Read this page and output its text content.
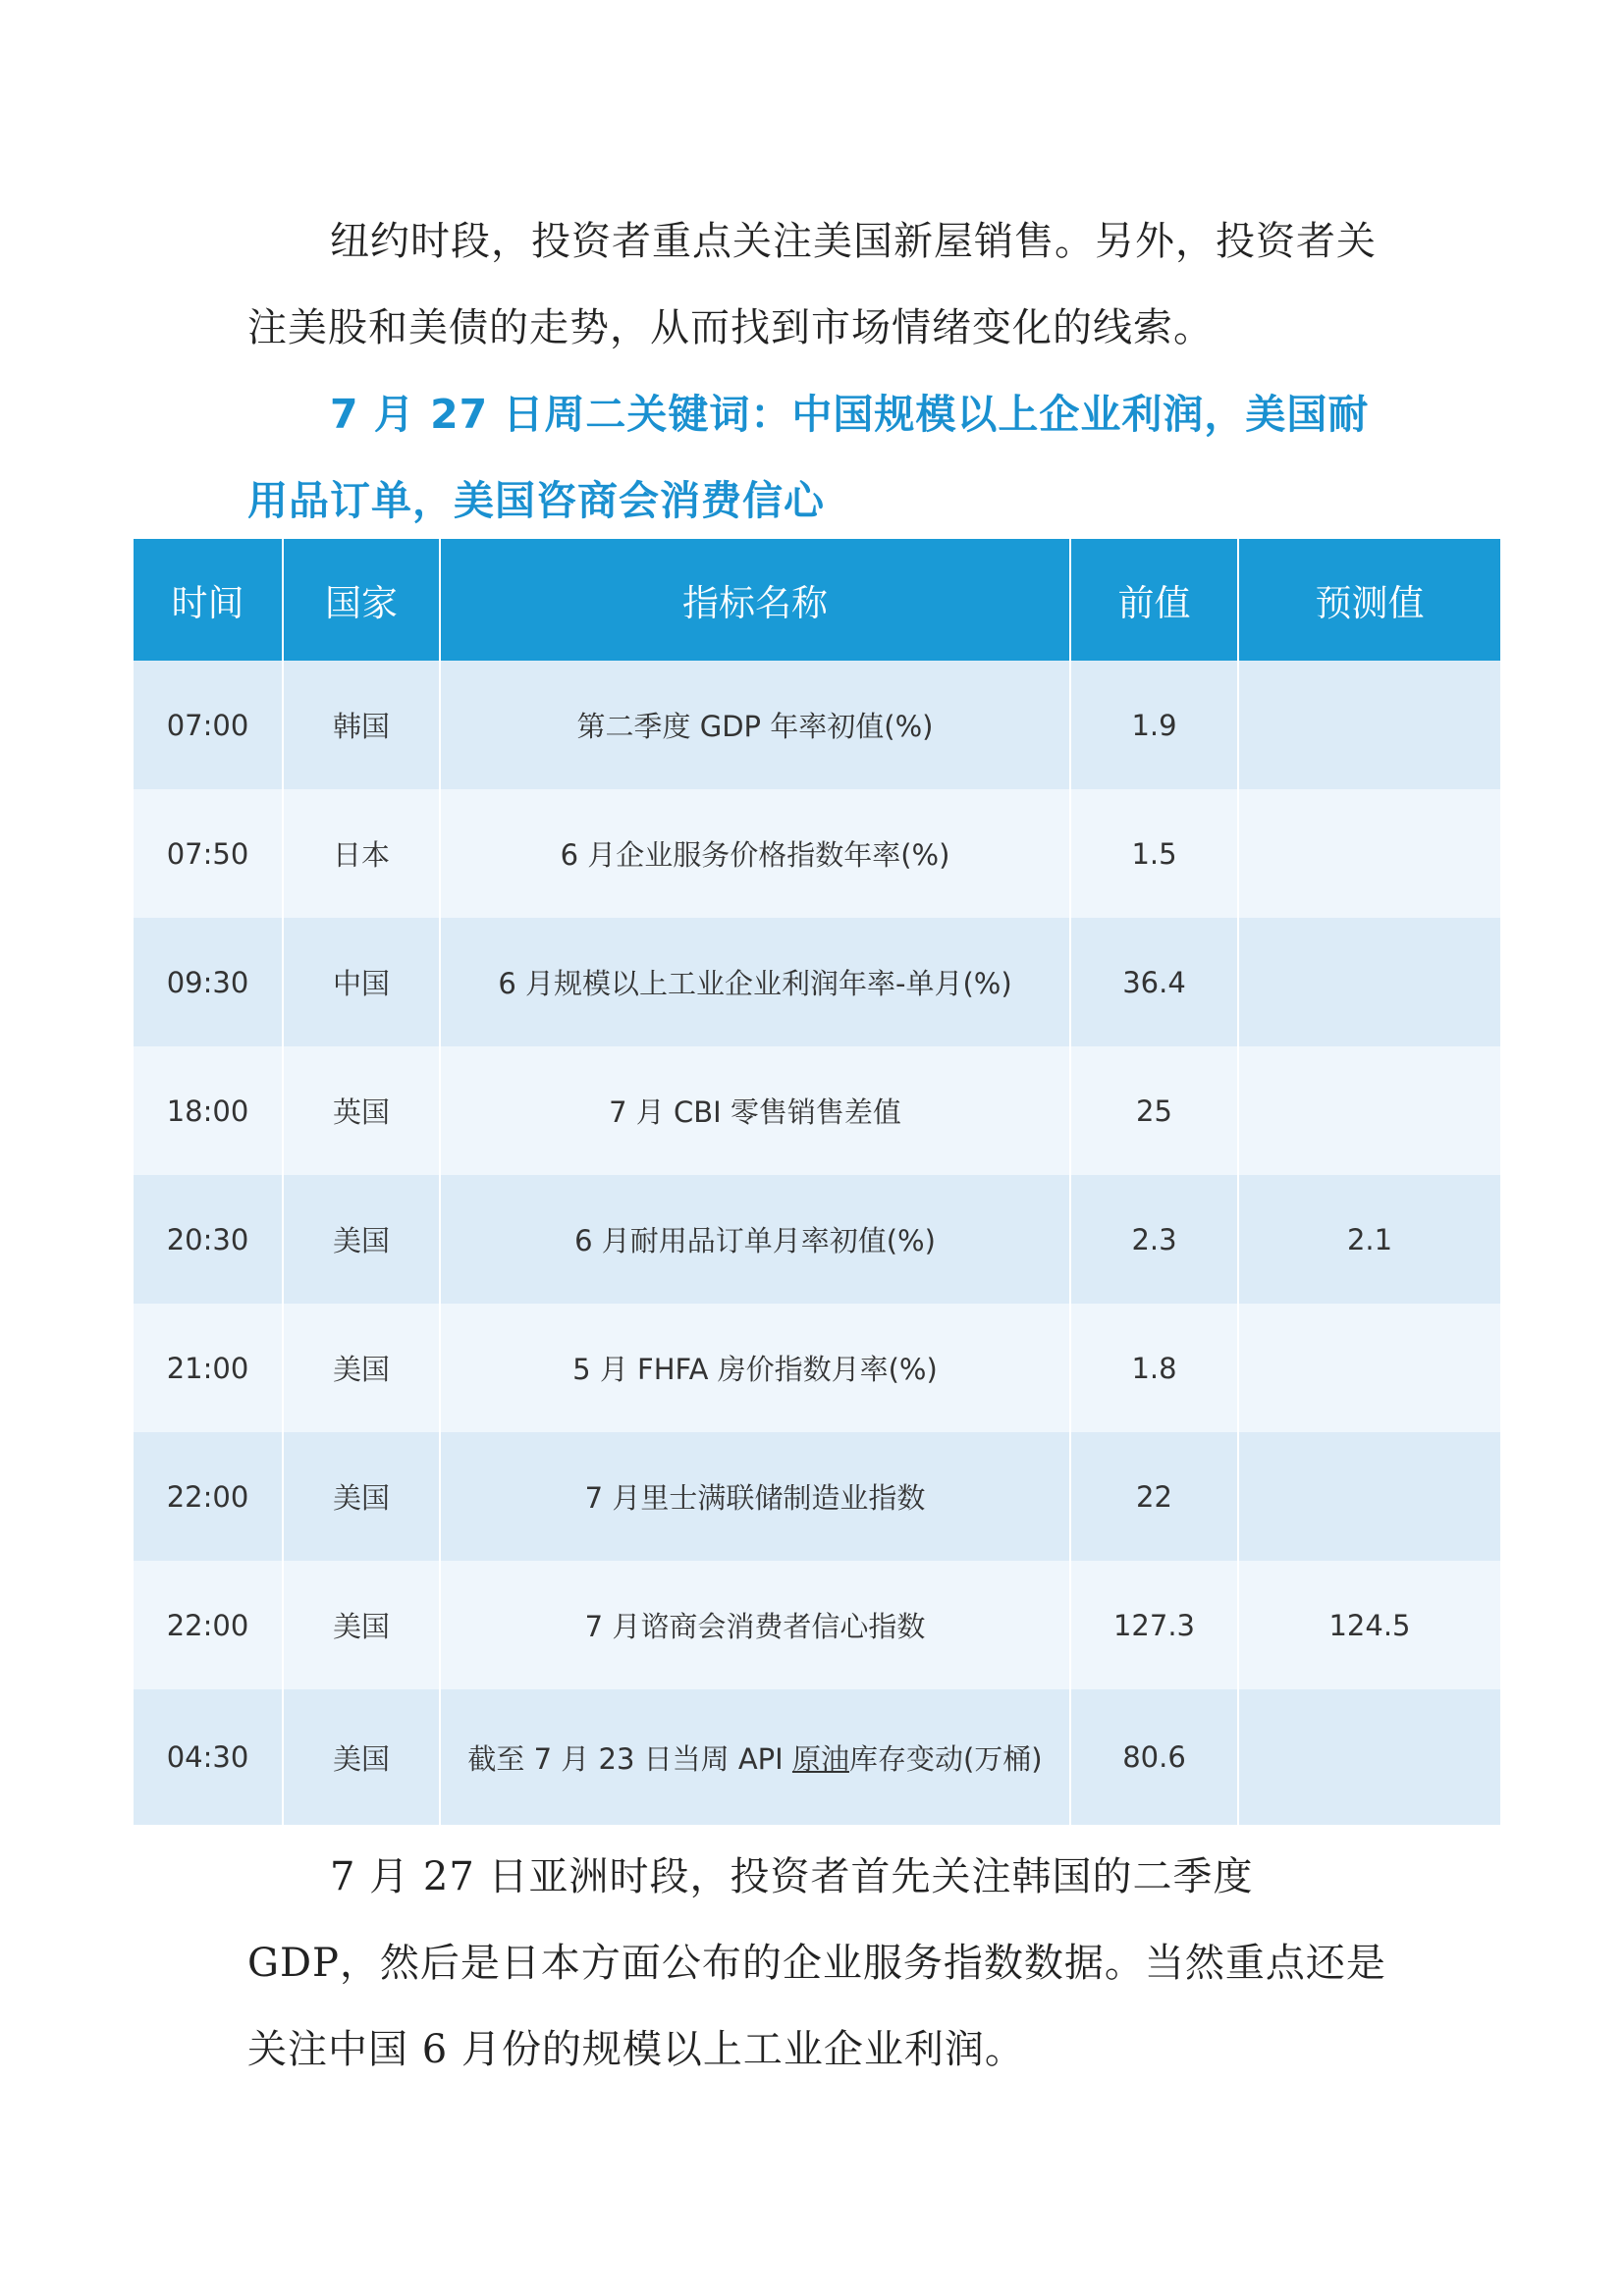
纽约时段，投资者重点关注美国新屋销售。另外，投资者关注美股和美债的走势，从而找到市场情绪变化的线索。

7 月 27 日周二关键词：中国规模以上企业利润，美国耐用品订单，美国咨商会消费信心

时间	国家	指标名称	前值	预测值
07:00	韩国	第二季度 GDP 年率初值(%)	1.9	
07:50	日本	6 月企业服务价格指数年率(%)	1.5	
09:30	中国	6 月规模以上工业企业利润年率-单月(%)	36.4	
18:00	英国	7 月 CBI 零售销售差值	25	
20:30	美国	6 月耐用品订单月率初值(%)	2.3	2.1
21:00	美国	5 月 FHFA 房价指数月率(%)	1.8	
22:00	美国	7 月里士满联储制造业指数	22	
22:00	美国	7 月谘商会消费者信心指数	127.3	124.5
04:30	美国	截至 7 月 23 日当周 API 原油库存变动(万桶)	80.6	

7 月 27 日亚洲时段，投资者首先关注韩国的二季度 GDP，然后是日本方面公布的企业服务指数数据。当然重点还是关注中国 6 月份的规模以上工业企业利润。
